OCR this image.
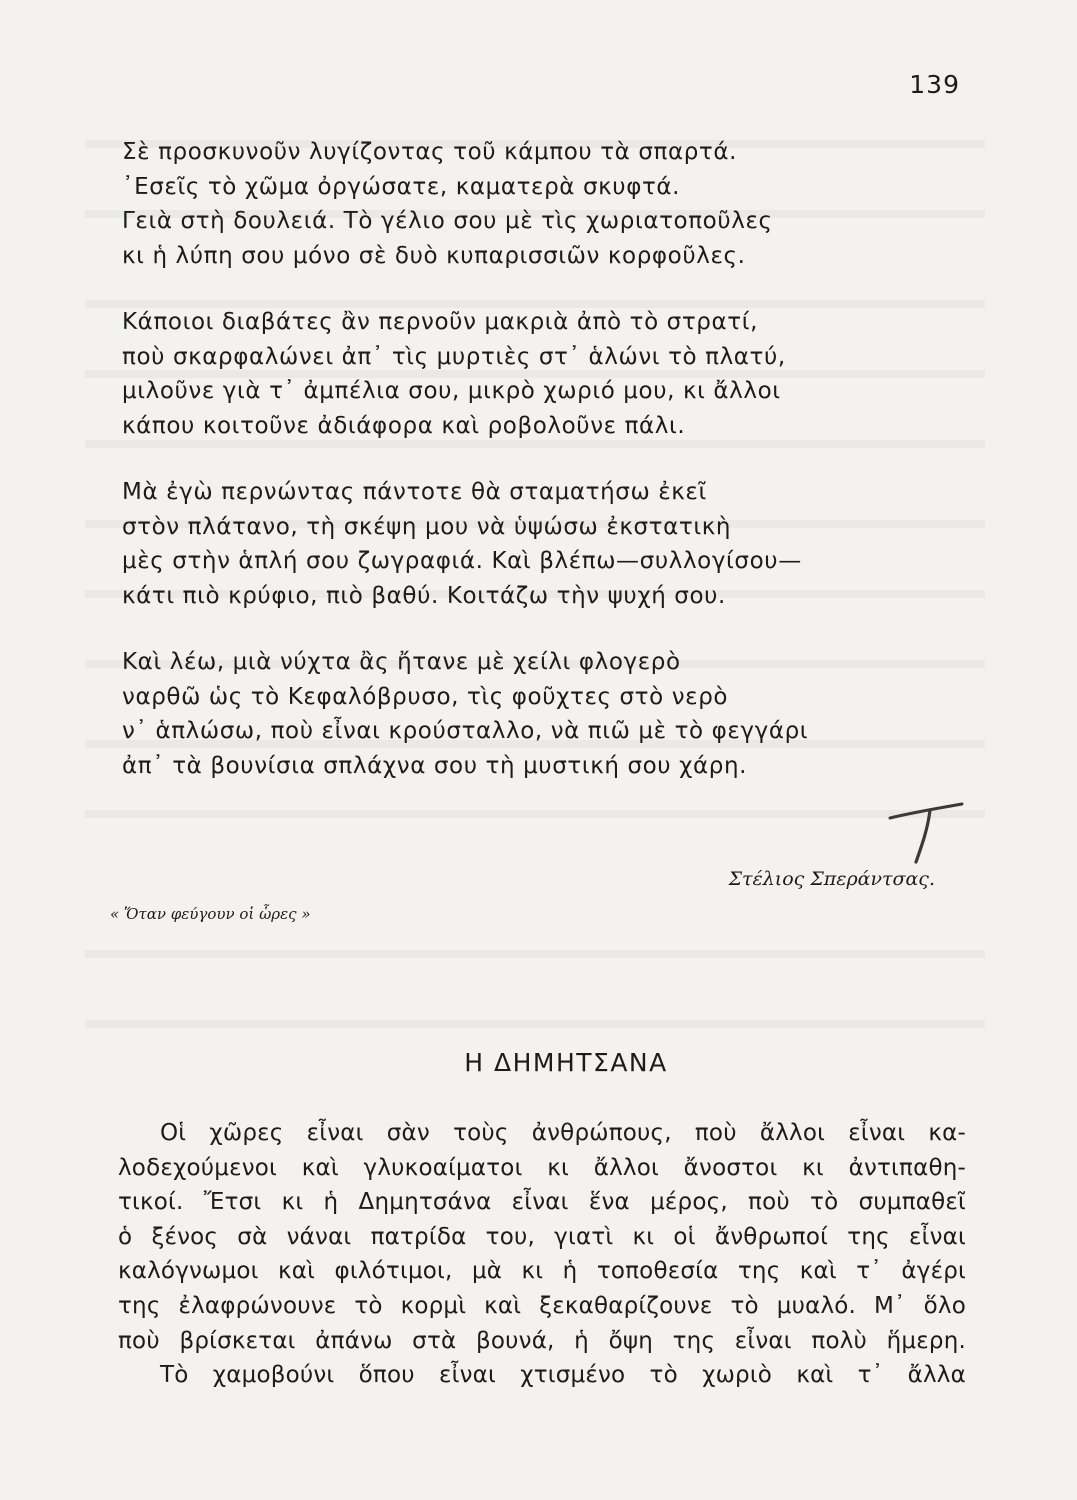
139
Σὲ προσκυνοῦν λυγίζοντας τοῦ κάμπου τὰ σπαρτά.
᾿Εσεῖς τὸ χῶμα ὀργώσατε, καματερὰ σκυφτά.
Γειὰ στὴ δουλειά. Τὸ γέλιο σου μὲ τὶς χωριατοποῦλες
κι ἡ λύπη σου μόνο σὲ δυὸ κυπαρισσιῶν κορφοῦλες.
Κάποιοι διαβάτες ἂν περνοῦν μακριὰ ἀπὸ τὸ στρατί,
ποὺ σκαρφαλώνει ἀπ᾿ τὶς μυρτιὲς στ᾿ ἁλώνι τὸ πλατύ,
μιλοῦνε γιὰ τ᾿ ἀμπέλια σου, μικρὸ χωριό μου, κι ἄλλοι
κάπου κοιτοῦνε ἀδιάφορα καὶ ροβολοῦνε πάλι.
Μὰ ἐγὼ περνώντας πάντοτε θὰ σταματήσω ἐκεῖ
στὸν πλάτανο, τὴ σκέψη μου νὰ ὑψώσω ἐκστατικὴ
μὲς στὴν ἁπλή σου ζωγραφιά. Καὶ βλέπω—συλλογίσου—
κάτι πιὸ κρύφιο, πιὸ βαθύ. Κοιτάζω τὴν ψυχή σου.
Καὶ λέω, μιὰ νύχτα ἂς ἤτανε μὲ χείλι φλογερὸ
ναρθῶ ὡς τὸ Κεφαλόβρυσο, τὶς φοῦχτες στὸ νερὸ
ν᾿ ἁπλώσω, ποὺ εἶναι κρούσταλλο, νὰ πιῶ μὲ τὸ φεγγάρι
ἀπ᾿ τὰ βουνίσια σπλάχνα σου τὴ μυστική σου χάρη.
Στέλιος Σπεράντσας.
« Ὅταν φεύγουν οἱ ὧρες »
Η ΔΗΜΗΤΣΑΝΑ
Οἱ χῶρες εἶναι σὰν τοὺς ἀνθρώπους, ποὺ ἄλλοι εἶναι κα-
λοδεχούμενοι καὶ γλυκοαίματοι κι ἄλλοι ἄνοστοι κι ἀντιπαθη-
τικοί. Ἔτσι κι ἡ Δημητσάνα εἶναι ἕνα μέρος, ποὺ τὸ συμπαθεῖ
ὁ ξένος σὰ νάναι πατρίδα του, γιατὶ κι οἱ ἄνθρωποί της εἶναι
καλόγνωμοι καὶ φιλότιμοι, μὰ κι ἡ τοποθεσία της καὶ τ᾿ ἀγέρι
της ἐλαφρώνουνε τὸ κορμὶ καὶ ξεκαθαρίζουνε τὸ μυαλό. Μ᾿ ὅλο
ποὺ βρίσκεται ἀπάνω στὰ βουνά, ἡ ὄψη της εἶναι πολὺ ἥμερη.
Τὸ χαμοβούνι ὅπου εἶναι χτισμένο τὸ χωριὸ καὶ τ᾿ ἄλλα
